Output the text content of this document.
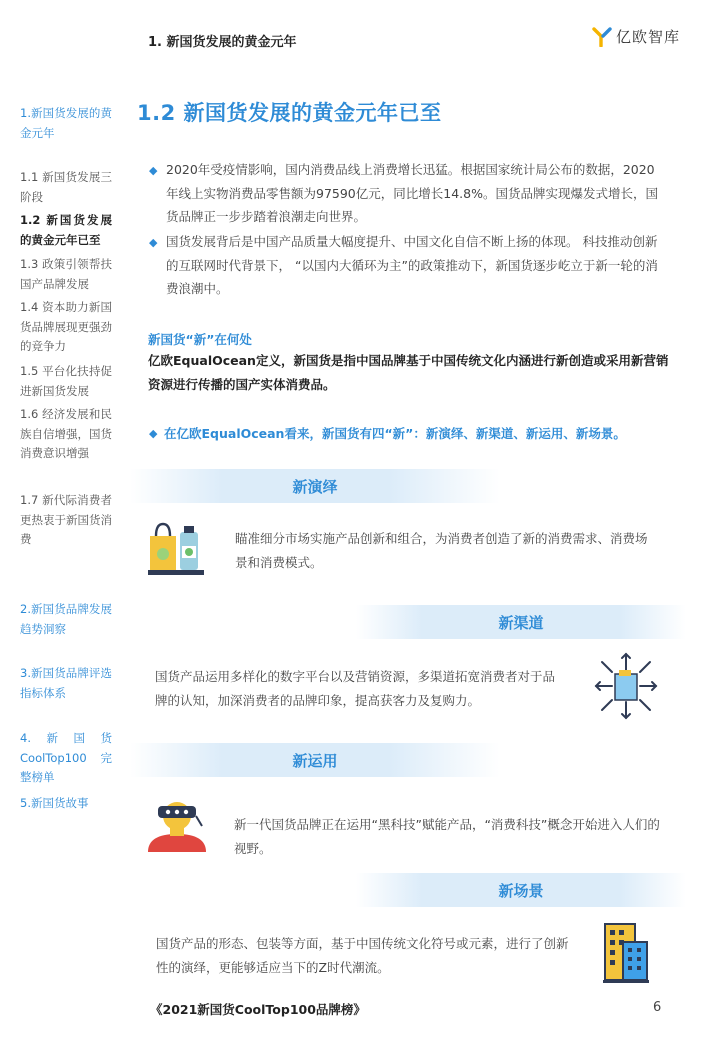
1. 新国货发展的黄金元年	亿欧智库
1.新国货发展的黄金元年
1.1 新国货发展三阶段
1.2 新国货发展的黄金元年已至
1.3 政策引领帮扶国产品牌发展
1.4 资本助力新国货品牌展现更强劲的竞争力
1.5 平台化扶持促进新国货发展
1.6 经济发展和民族自信增强，国货消费意识增强
1.7 新代际消费者更热衷于新国货消费
2.新国货品牌发展趋势洞察
3.新国货品牌评选指标体系
4.新国货 CoolTop100 完整榜单
5.新国货故事
1.2 新国货发展的黄金元年已至
◆ 2020年受疫情影响，国内消费品线上消费增长迅猛。根据国家统计局公布的数据，2020年线上实物消费品零售额为97590亿元，同比增长14.8%。国货品牌实现爆发式增长，国货品牌正一步步踏着浪潮走向世界。
◆ 国货发展背后是中国产品质量大幅度提升、中国文化自信不断上扬的体现。 科技推动创新的互联网时代背景下， “以国内大循环为主”的政策推动下，新国货逐步屹立于新一轮的消费浪潮中。
新国货“新”在何处
亿欧EqualOcean定义，新国货是指中国品牌基于中国传统文化内涵进行新创造或采用新营销资源进行传播的国产实体消费品。
◆ 在亿欧EqualOcean看来，新国货有四“新”：新演绎、新渠道、新运用、新场景。
新演绎
瞄准细分市场实施产品创新和组合，为消费者创造了新的消费需求、消费场景和消费模式。
新渠道
国货产品运用多样化的数字平台以及营销资源，多渠道拓宽消费者对于品牌的认知，加深消费者的品牌印象，提高获客力及复购力。
新运用
新一代国货品牌正在运用“黑科技”赋能产品，“消费科技”概念开始进入人们的视野。
新场景
国货产品的形态、包装等方面，基于中国传统文化符号或元素，进行了创新性的演绎，更能够适应当下的Z时代潮流。
《2021新国货CoolTop100品牌榜》	6
